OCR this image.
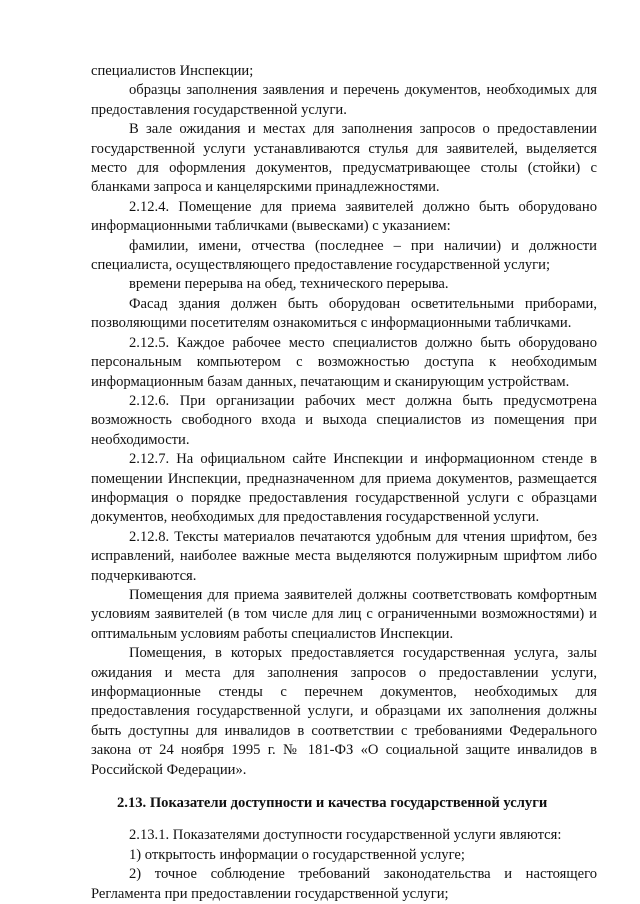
специалистов Инспекции;

образцы заполнения заявления и перечень документов, необходимых для предоставления государственной услуги.

В зале ожидания и местах для заполнения запросов о предоставлении государственной услуги устанавливаются стулья для заявителей, выделяется место для оформления документов, предусматривающее столы (стойки) с бланками запроса и канцелярскими принадлежностями.

2.12.4. Помещение для приема заявителей должно быть оборудовано информационными табличками (вывесками) с указанием:

фамилии, имени, отчества (последнее – при наличии) и должности специалиста, осуществляющего предоставление государственной услуги;

времени перерыва на обед, технического перерыва.

Фасад здания должен быть оборудован осветительными приборами, позволяющими посетителям ознакомиться с информационными табличками.

2.12.5. Каждое рабочее место специалистов должно быть оборудовано персональным компьютером с возможностью доступа к необходимым информационным базам данных, печатающим и сканирующим устройствам.

2.12.6. При организации рабочих мест должна быть предусмотрена возможность свободного входа и выхода специалистов из помещения при необходимости.

2.12.7. На официальном сайте Инспекции и информационном стенде в помещении Инспекции, предназначенном для приема документов, размещается информация о порядке предоставления государственной услуги с образцами документов, необходимых для предоставления государственной услуги.

2.12.8. Тексты материалов печатаются удобным для чтения шрифтом, без исправлений, наиболее важные места выделяются полужирным шрифтом либо подчеркиваются.

Помещения для приема заявителей должны соответствовать комфортным условиям заявителей (в том числе для лиц с ограниченными возможностями) и оптимальным условиям работы специалистов Инспекции.

Помещения, в которых предоставляется государственная услуга, залы ожидания и места для заполнения запросов о предоставлении услуги, информационные стенды с перечнем документов, необходимых для предоставления государственной услуги, и образцами их заполнения должны быть доступны для инвалидов в соответствии с требованиями Федерального закона от 24 ноября 1995 г. № 181-ФЗ «О социальной защите инвалидов в Российской Федерации».

2.13. Показатели доступности и качества государственной услуги

2.13.1. Показателями доступности государственной услуги являются:

1) открытость информации о государственной услуге;

2) точное соблюдение требований законодательства и настоящего Регламента при предоставлении государственной услуги;
